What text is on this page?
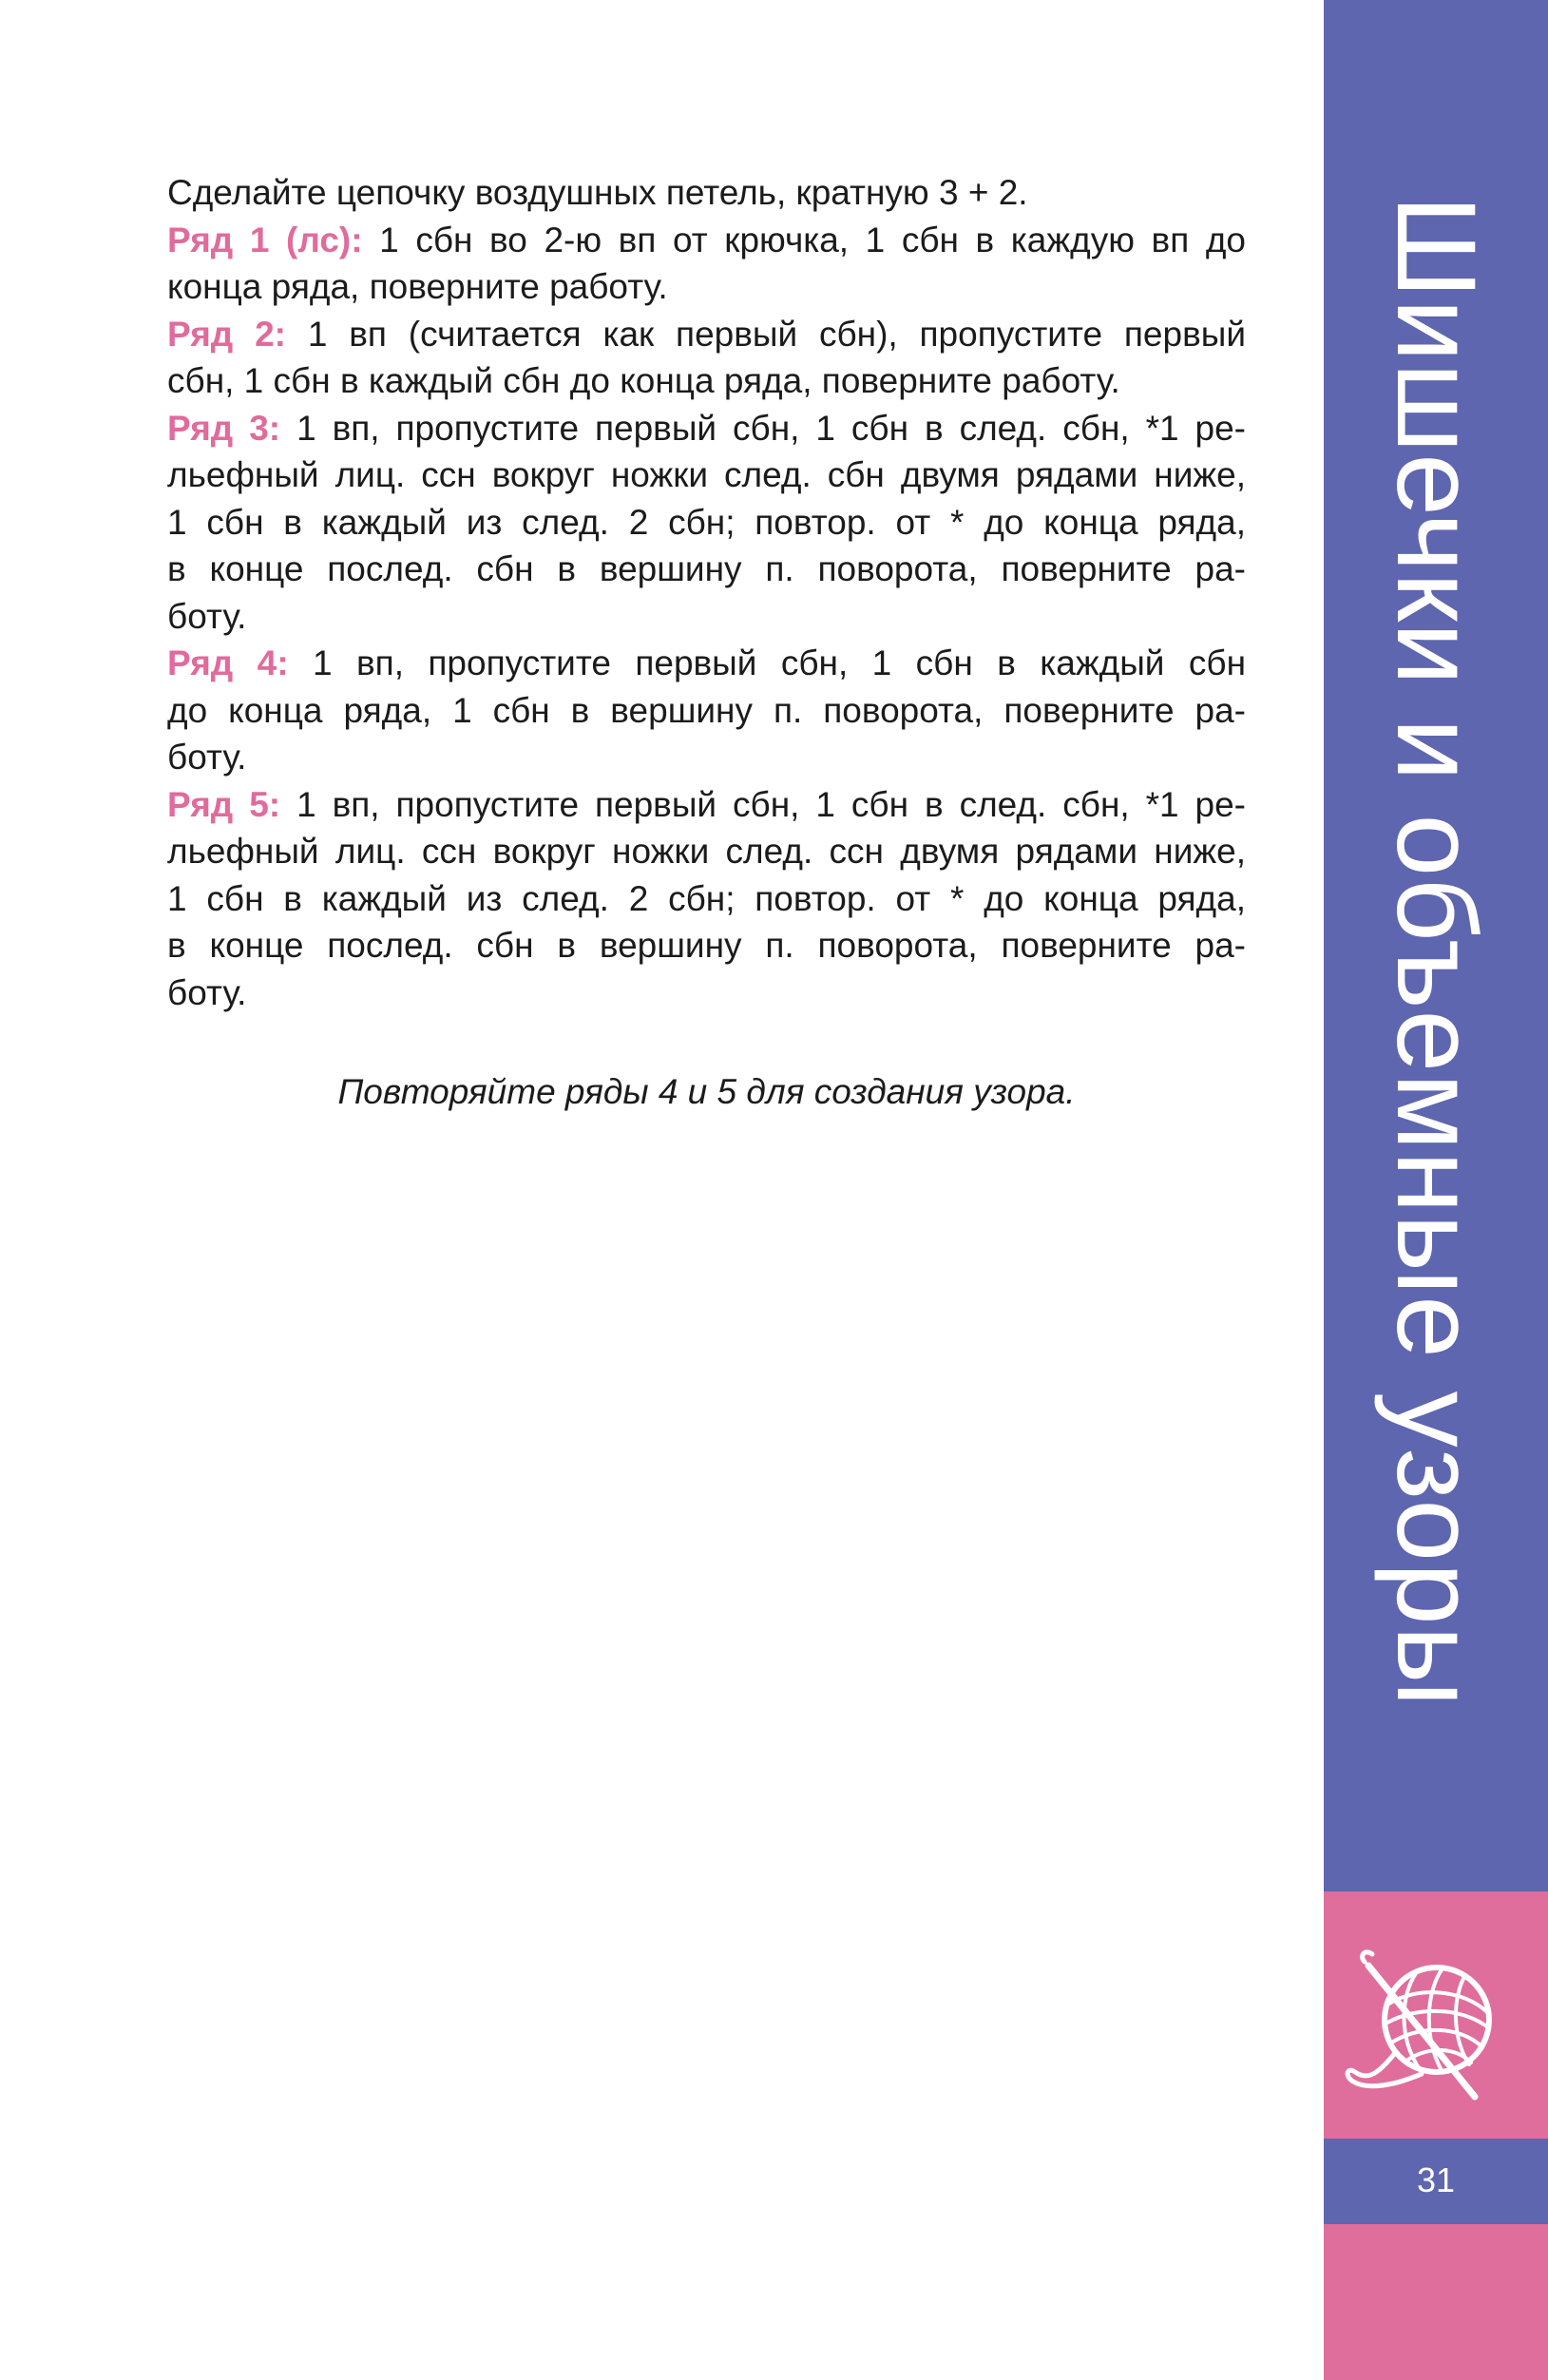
Сделайте цепочку воздушных петель, кратную 3 + 2.
Ряд 1 (лс): 1 сбн во 2-ю вп от крючка, 1 сбн в каждую вп до
конца ряда, поверните работу.
Ряд 2: 1 вп (считается как первый сбн), пропустите первый
сбн, 1 сбн в каждый сбн до конца ряда, поверните работу.
Ряд 3: 1 вп, пропустите первый сбн, 1 сбн в след. сбн, *1 ре-
льефный лиц. ссн вокруг ножки след. сбн двумя рядами ниже,
1 сбн в каждый из след. 2 сбн; повтор. от * до конца ряда,
в конце послед. сбн в вершину п. поворота, поверните ра-
боту.
Ряд 4: 1 вп, пропустите первый сбн, 1 сбн в каждый сбн
до конца ряда, 1 сбн в вершину п. поворота, поверните ра-
боту.
Ряд 5: 1 вп, пропустите первый сбн, 1 сбн в след. сбн, *1 ре-
льефный лиц. ссн вокруг ножки след. ссн двумя рядами ниже,
1 сбн в каждый из след. 2 сбн; повтор. от * до конца ряда,
в конце послед. сбн в вершину п. поворота, поверните ра-
боту.
Повторяйте ряды 4 и 5 для создания узора.	Шишечки и объемные узоры
31
